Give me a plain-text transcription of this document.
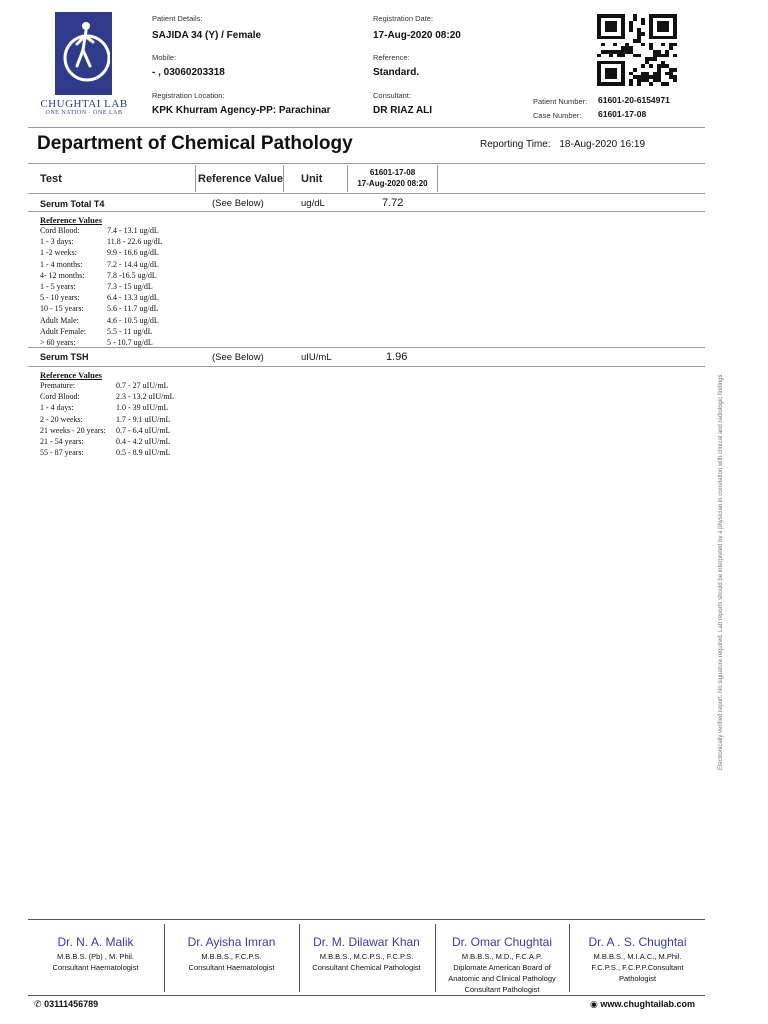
CHUGHTAI LAB
ONE NATION · ONE LAB
Patient Details:
SAJIDA 34 (Y) / Female
Mobile:
- , 03060203318
Registration Location:
KPK Khurram Agency-PP: Parachinar
Registration Date:
17-Aug-2020 08:20
Reference:
Standard.
Consultant:
DR RIAZ ALI
Patient Number: 61601-20-6154971
Case Number: 61601-17-08
Department of Chemical Pathology	Reporting Time: 18-Aug-2020 16:19
Test	Reference Value Unit
61601-17-08
17-Aug-2020 08:20
Serum Total T4	(See Below)	ug/dL	7.72
Reference Values
Cord Blood:	7.4 - 13.1 ug/dL
1 - 3 days:	11.8 - 22.6 ug/dL
1 -2 weeks:	9.9 - 16.6 ug/dL
1 - 4 months:	7.2 - 14.4 ug/dL
4- 12 months:	7.8 -16.5 ug/dL
1 - 5 years:	7.3 - 15 ug/dL
5 - 10 years:	6.4 - 13.3 ug/dL
10 - 15 years:	5.6 - 11.7 ug/dL
Adult Male:	4.6 - 10.5 ug/dL
Adult Female:	5.5 - 11 ug/dL
> 60 years:	5 - 10.7 ug/dL
Serum TSH	(See Below)	uIU/mL	1.96
Reference Values
Premature:	0.7 - 27 uIU/mL
Cord Blood:	2.3 - 13.2 uIU/mL
1 - 4 days:	1.0 - 39 uIU/mL
2 - 20 weeks:	1.7 - 9.1 uIU/mL
21 weeks - 20 years: 0.7 - 6.4 uIU/mL
21 - 54 years:	0.4 - 4.2 uIU/mL
55 - 87 years:	0.5 - 8.9 uIU/mL	Electronically verified report. No signature required. Lab reports should be interpreted by a physician in correlation with clinical and radiologic findings.
Dr. N. A. Malik
M.B.B.S. (Pb) , M. Phil.
Consultant Haematologist
Dr. Ayisha Imran
M.B.B.S., F.C.P.S.
Consultant Haematologist
Dr. M. Dilawar Khan
M.B.B.S., M.C.P.S., F.C.P.S.
Consultant Chemical Pathologist
Dr. Omar Chughtai
M.B.B.S., M.D., F.C.A.P.
Diplomate American Board of
Anatomic and Clinical Pathology
Consultant Pathologist
Dr. A . S. Chughtai
M.B.B.S., M.I.A.C., M.Phil.
F.C.P.S., F.C.P.P.Consultant
Pathologist
✆ 03111456789	◉ www.chughtailab.com
